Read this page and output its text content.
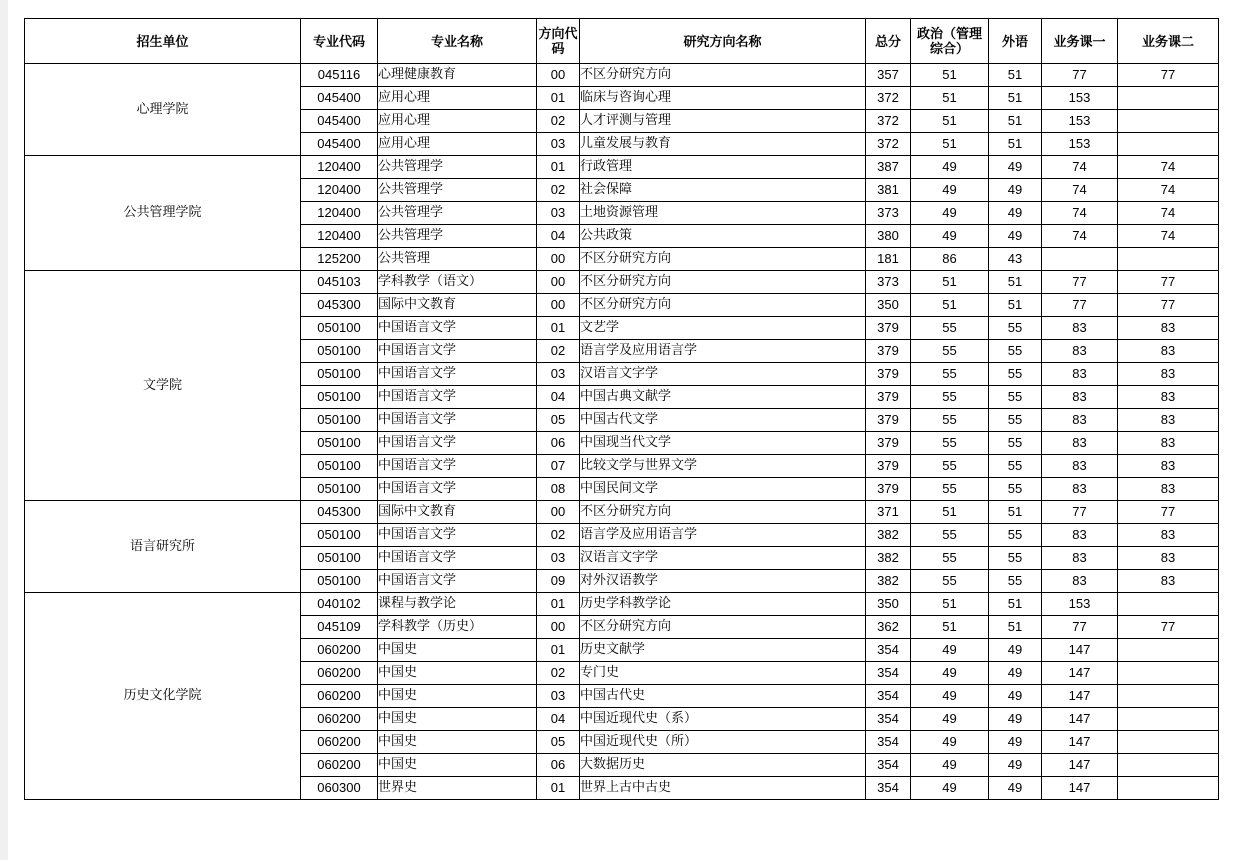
招生单位	专业代码	专业名称	方向代码	研究方向名称	总分	政治（管理综合）	外语	业务课一	业务课二
心理学院	045116	心理健康教育	00	不区分研究方向	357	51	51	77	77
	045400	应用心理	01	临床与咨询心理	372	51	51	153	
	045400	应用心理	02	人才评测与管理	372	51	51	153	
	045400	应用心理	03	儿童发展与教育	372	51	51	153	
公共管理学院	120400	公共管理学	01	行政管理	387	49	49	74	74
	120400	公共管理学	02	社会保障	381	49	49	74	74
	120400	公共管理学	03	土地资源管理	373	49	49	74	74
	120400	公共管理学	04	公共政策	380	49	49	74	74
	125200	公共管理	00	不区分研究方向	181	86	43		
文学院	045103	学科教学（语文）	00	不区分研究方向	373	51	51	77	77
	045300	国际中文教育	00	不区分研究方向	350	51	51	77	77
	050100	中国语言文学	01	文艺学	379	55	55	83	83
	050100	中国语言文学	02	语言学及应用语言学	379	55	55	83	83
	050100	中国语言文学	03	汉语言文字学	379	55	55	83	83
	050100	中国语言文学	04	中国古典文献学	379	55	55	83	83
	050100	中国语言文学	05	中国古代文学	379	55	55	83	83
	050100	中国语言文学	06	中国现当代文学	379	55	55	83	83
	050100	中国语言文学	07	比较文学与世界文学	379	55	55	83	83
	050100	中国语言文学	08	中国民间文学	379	55	55	83	83
语言研究所	045300	国际中文教育	00	不区分研究方向	371	51	51	77	77
	050100	中国语言文学	02	语言学及应用语言学	382	55	55	83	83
	050100	中国语言文学	03	汉语言文字学	382	55	55	83	83
	050100	中国语言文学	09	对外汉语教学	382	55	55	83	83
历史文化学院	040102	课程与教学论	01	历史学科教学论	350	51	51	153	
	045109	学科教学（历史）	00	不区分研究方向	362	51	51	77	77
	060200	中国史	01	历史文献学	354	49	49	147	
	060200	中国史	02	专门史	354	49	49	147	
	060200	中国史	03	中国古代史	354	49	49	147	
	060200	中国史	04	中国近现代史（系）	354	49	49	147	
	060200	中国史	05	中国近现代史（所）	354	49	49	147	
	060200	中国史	06	大数据历史	354	49	49	147	
	060300	世界史	01	世界上古中古史	354	49	49	147	
